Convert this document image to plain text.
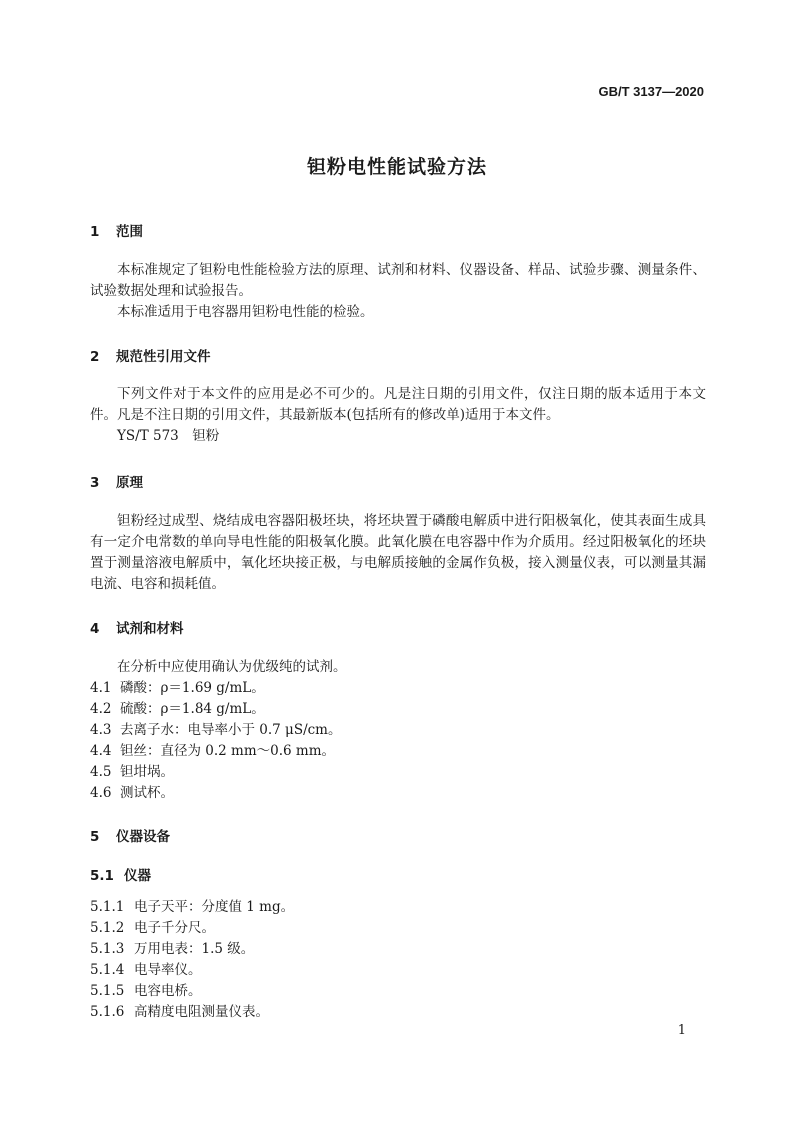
GB/T 3137—2020
钽粉电性能试验方法
1 范围
本标准规定了钽粉电性能检验方法的原理、试剂和材料、仪器设备、样品、试验步骤、测量条件、试验数据处理和试验报告。
本标准适用于电容器用钽粉电性能的检验。
2 规范性引用文件
下列文件对于本文件的应用是必不可少的。凡是注日期的引用文件，仅注日期的版本适用于本文件。凡是不注日期的引用文件，其最新版本(包括所有的修改单)适用于本文件。
YS/T 573　钽粉
3 原理
钽粉经过成型、烧结成电容器阳极坯块，将坯块置于磷酸电解质中进行阳极氧化，使其表面生成具有一定介电常数的单向导电性能的阳极氧化膜。此氧化膜在电容器中作为介质用。经过阳极氧化的坯块置于测量溶液电解质中，氧化坯块接正极，与电解质接触的金属作负极，接入测量仪表，可以测量其漏电流、电容和损耗值。
4 试剂和材料
在分析中应使用确认为优级纯的试剂。
4.1 磷酸：ρ＝1.69 g/mL。
4.2 硫酸：ρ＝1.84 g/mL。
4.3 去离子水：电导率小于 0.7 μS/cm。
4.4 钽丝：直径为 0.2 mm～0.6 mm。
4.5 钽坩埚。
4.6 测试杯。
5 仪器设备
5.1 仪器
5.1.1 电子天平：分度值 1 mg。
5.1.2 电子千分尺。
5.1.3 万用电表：1.5 级。
5.1.4 电导率仪。
5.1.5 电容电桥。
5.1.6 高精度电阻测量仪表。
1
